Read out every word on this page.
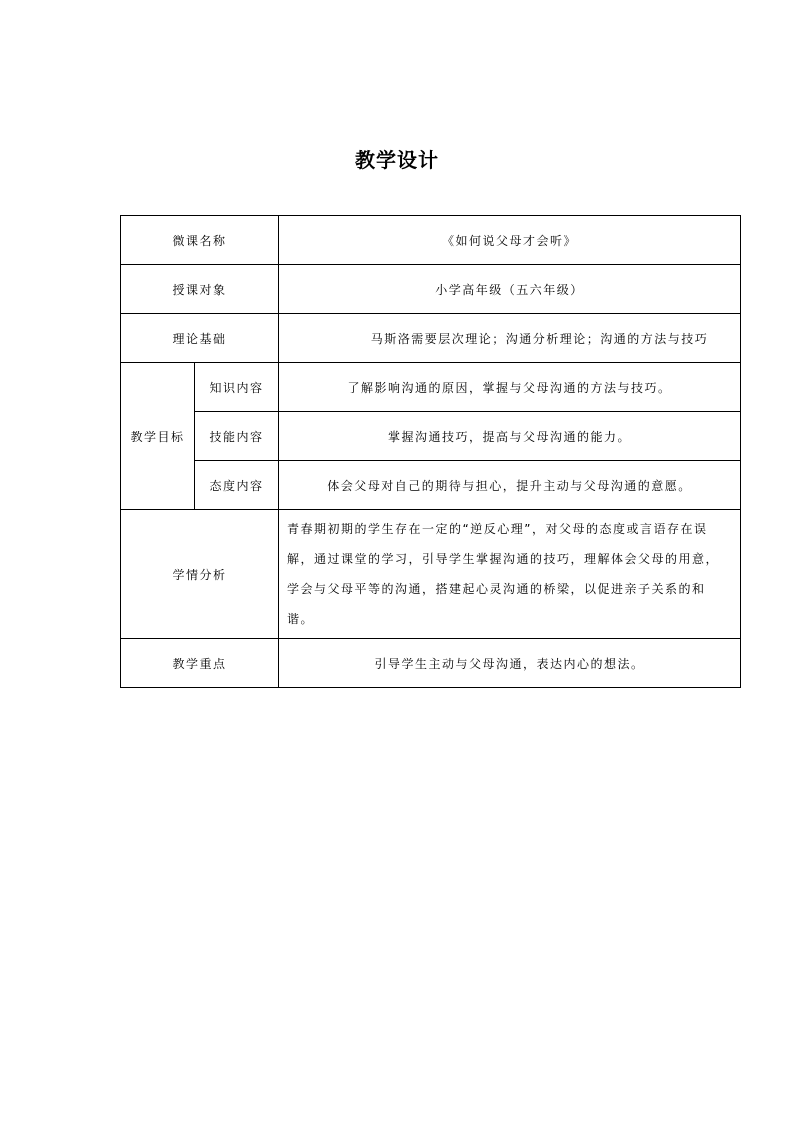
教学设计
微课名称		《如何说父母才会听》
授课对象		小学高年级（五六年级）
理论基础		马斯洛需要层次理论；沟通分析理论；沟通的方法与技巧
教学目标	知识内容	了解影响沟通的原因，掌握与父母沟通的方法与技巧。
	技能内容	掌握沟通技巧，提高与父母沟通的能力。
	态度内容	体会父母对自己的期待与担心，提升主动与父母沟通的意愿。
学情分析		青春期初期的学生存在一定的“逆反心理”，对父母的态度或言语存在误解，通过课堂的学习，引导学生掌握沟通的技巧，理解体会父母的用意，学会与父母平等的沟通，搭建起心灵沟通的桥梁，以促进亲子关系的和谐。
教学重点		引导学生主动与父母沟通，表达内心的想法。
